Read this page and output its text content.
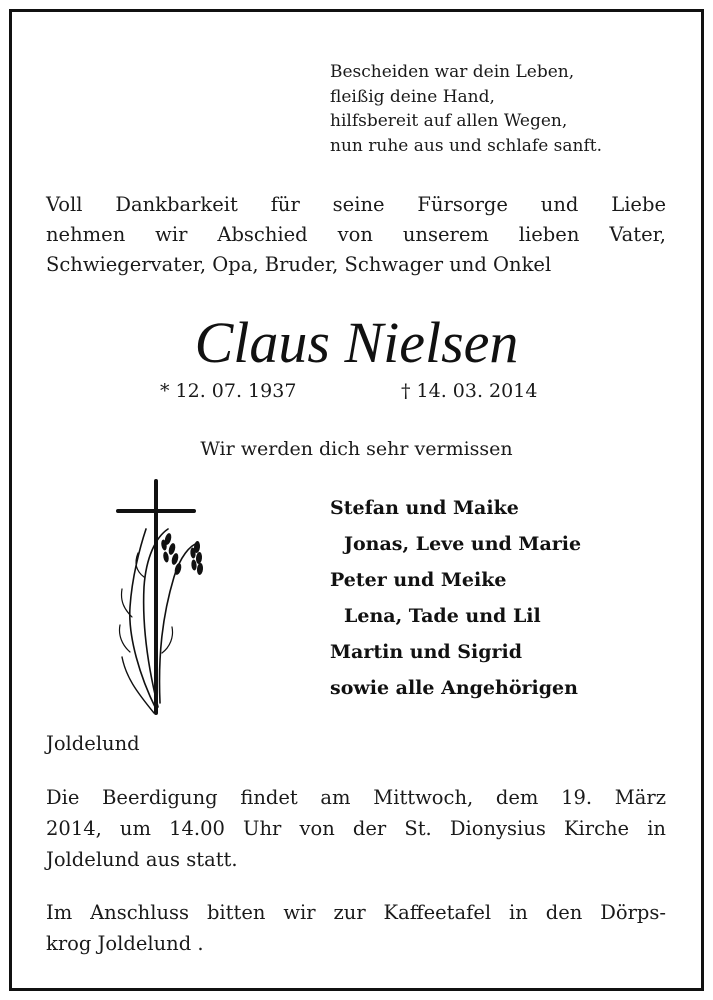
Bescheiden war dein Leben,
fleißig deine Hand,
hilfsbereit auf allen Wegen,
nun ruhe aus und schlafe sanft.
Voll Dankbarkeit für seine Fürsorge und Liebe
nehmen wir Abschied von unserem lieben Vater,
Schwiegervater, Opa, Bruder, Schwager und Onkel
Claus Nielsen
* 12. 07. 1937	† 14. 03. 2014
Wir werden dich sehr vermissen
Stefan und Maike
Jonas, Leve und Marie
Peter und Meike
Lena, Tade und Lil
Martin und Sigrid
sowie alle Angehörigen
Joldelund
Die Beerdigung findet am Mittwoch, dem 19. März
2014, um 14.00 Uhr von der St. Dionysius Kirche in
Joldelund aus statt.
Im Anschluss bitten wir zur Kaffeetafel in den Dörps-
krog Joldelund .
